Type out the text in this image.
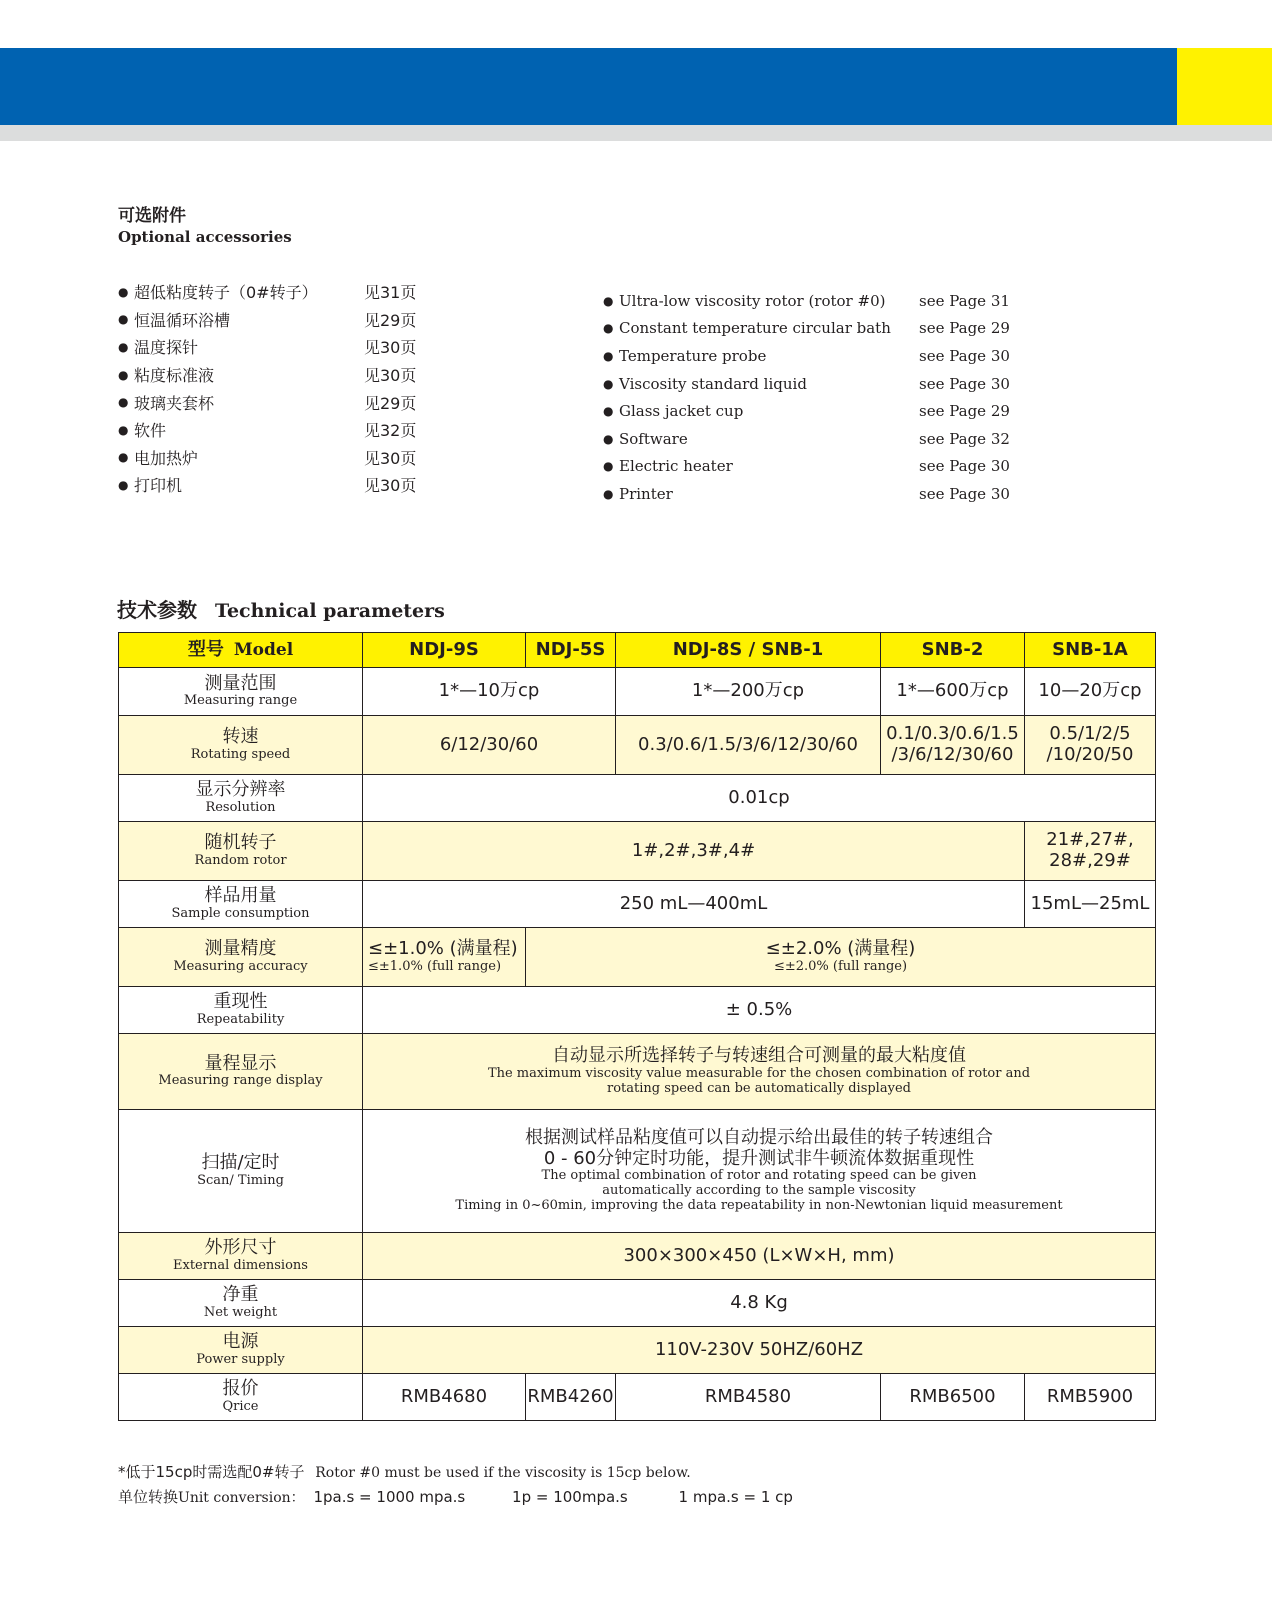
可选附件
Optional accessories
● 超低粘度转子（0#转子）	见31页
● 恒温循环浴槽	见29页
● 温度探针	见30页
● 粘度标准液	见30页
● 玻璃夹套杯	见29页
● 软件	见32页
● 电加热炉	见30页
● 打印机	见30页
● Ultra-low viscosity rotor (rotor #0)	see Page 31
● Constant temperature circular bath	see Page 29
● Temperature probe	see Page 30
● Viscosity standard liquid	see Page 30
● Glass jacket cup	see Page 29
● Software	see Page 32
● Electric heater	see Page 30
● Printer	see Page 30
技术参数 Technical parameters
型号 Model	NDJ-9S	NDJ-5S	NDJ-8S / SNB-1	SNB-2	SNB-1A

测量范围
Measuring range	1*—10万cp		1*—200万cp	1*—600万cp	10—20万cp

转速
Rotating speed	6/12/30/60		0.3/0.6/1.5/3/6/12/30/60	0.1/0.3/0.6/1.5
/3/6/12/30/60	0.5/1/2/5
/10/20/50

显示分辨率
Resolution	0.01cp				

随机转子
Random rotor	1#,2#,3#,4#				21#,27#,
28#,29#

样品用量
Sample consumption	250 mL—400mL				15mL—25mL

测量精度
Measuring accuracy	≤±1.0% (满量程)
≤±1.0% (full range)	≤±2.0% (满量程)
≤±2.0% (full range)			

重现性
Repeatability	± 0.5%				

量程显示
Measuring range display	自动显示所选择转子与转速组合可测量的最大粘度值
The maximum viscosity value measurable for the chosen combination of rotor and
rotating speed can be automatically displayed				

扫描/定时
Scan/ Timing	根据测试样品粘度值可以自动提示给出最佳的转子转速组合
0 - 60分钟定时功能，提升测试非牛顿流体数据重现性
The optimal combination of rotor and rotating speed can be given
automatically according to the sample viscosity
Timing in 0~60min, improving the data repeatability in non-Newtonian liquid measurement				

外形尺寸
External dimensions	300×300×450 (L×W×H, mm)				

净重
Net weight	4.8 Kg				

电源
Power supply	110V-230V 50HZ/60HZ				

报价
Qrice	RMB4680	RMB4260	RMB4580	RMB6500	RMB5900
*低于15cp时需选配0#转子 Rotor #0 must be used if the viscosity is 15cp below.
单位转换Unit conversion： 1pa.s = 1000 mpa.s	1p = 100mpa.s	1 mpa.s = 1 cp
